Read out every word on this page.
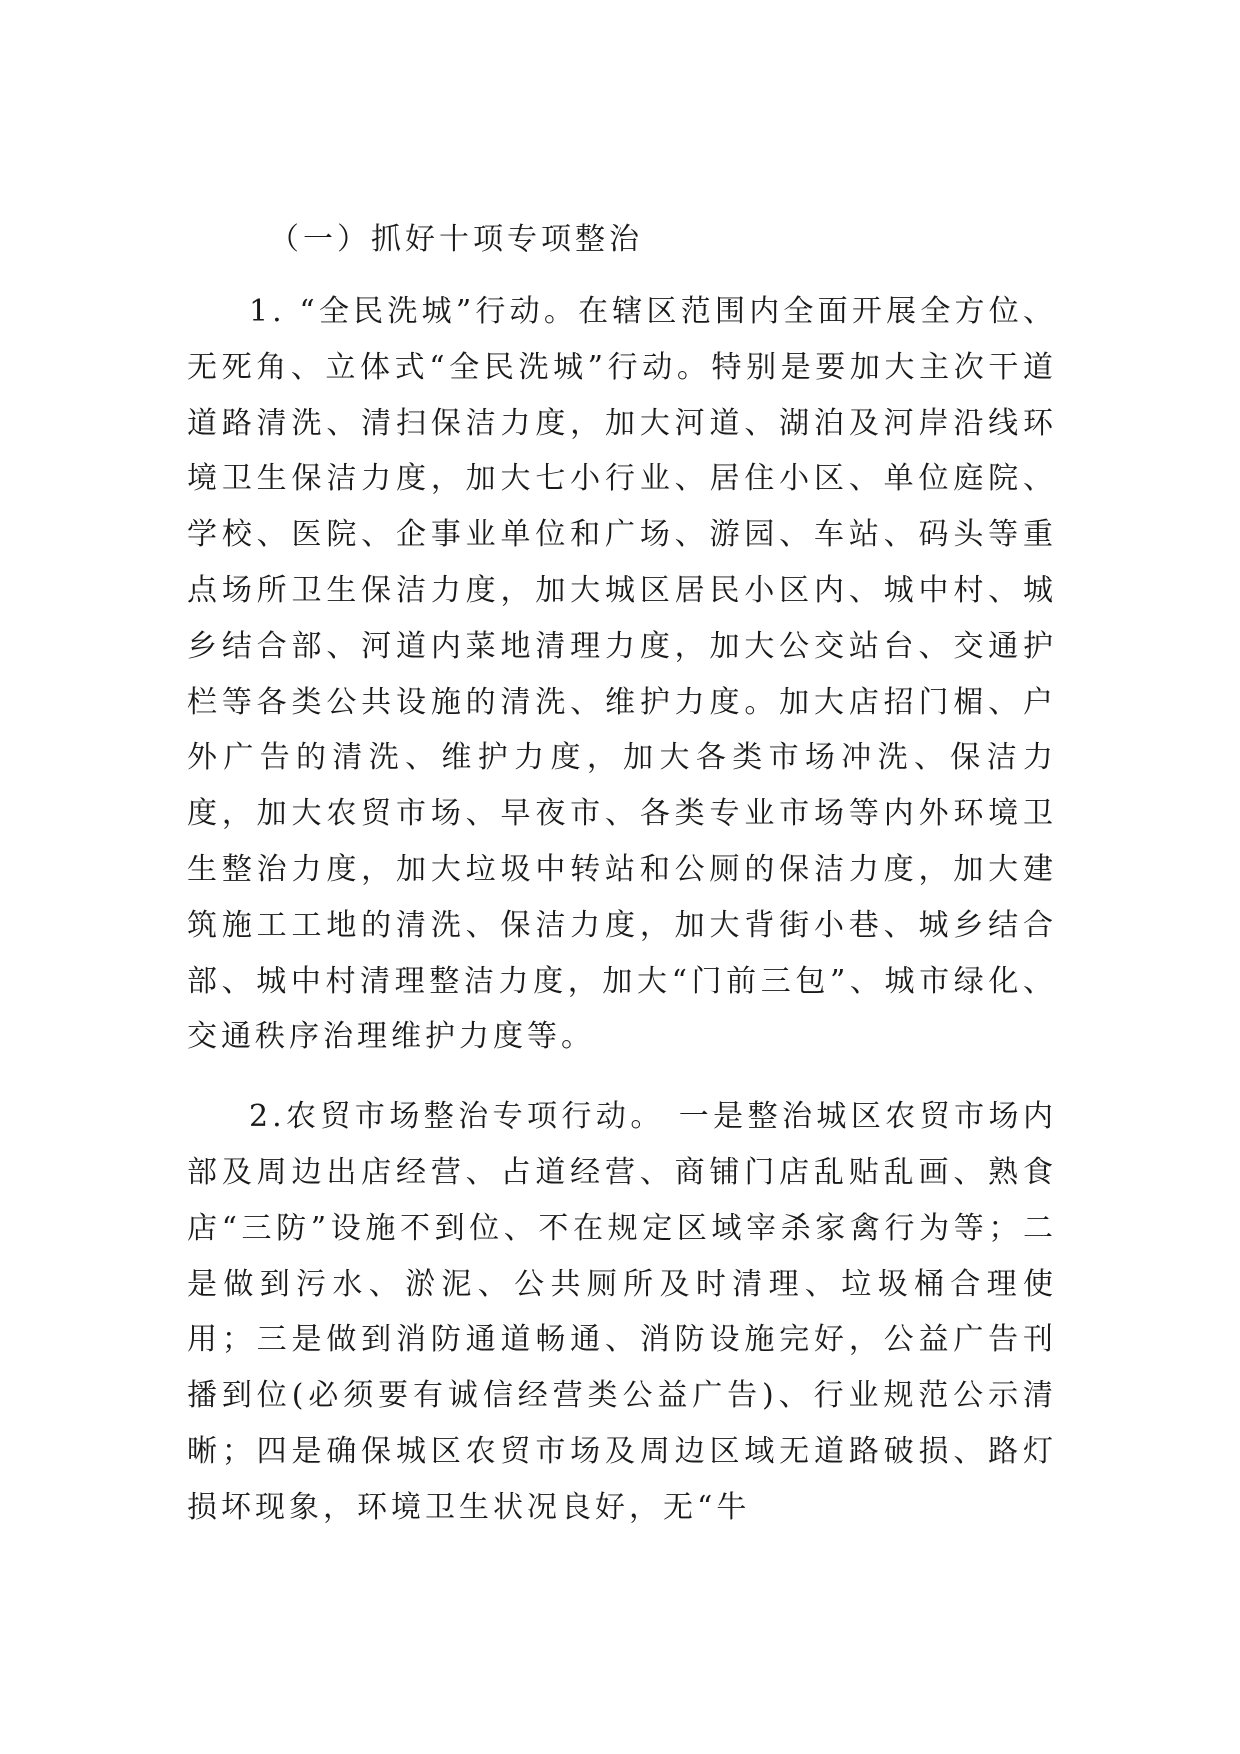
（一）抓好十项专项整治

1. “全民洗城”行动。在辖区范围内全面开展全方位、无死角、立体式“全民洗城”行动。特别是要加大主次干道道路清洗、清扫保洁力度，加大河道、湖泊及河岸沿线环境卫生保洁力度，加大七小行业、居住小区、单位庭院、学校、医院、企事业单位和广场、游园、车站、码头等重点场所卫生保洁力度，加大城区居民小区内、城中村、城乡结合部、河道内菜地清理力度，加大公交站台、交通护栏等各类公共设施的清洗、维护力度。加大店招门楣、户外广告的清洗、维护力度，加大各类市场冲洗、保洁力度，加大农贸市场、早夜市、各类专业市场等内外环境卫生整治力度，加大垃圾中转站和公厕的保洁力度，加大建筑施工工地的清洗、保洁力度，加大背街小巷、城乡结合部、城中村清理整洁力度，加大“门前三包”、城市绿化、交通秩序治理维护力度等。

2.农贸市场整治专项行动。 一是整治城区农贸市场内部及周边出店经营、占道经营、商铺门店乱贴乱画、熟食店“三防”设施不到位、不在规定区域宰杀家禽行为等；二是做到污水、淤泥、公共厕所及时清理、垃圾桶合理使用；三是做到消防通道畅通、消防设施完好，公益广告刊播到位(必须要有诚信经营类公益广告)、行业规范公示清晰；四是确保城区农贸市场及周边区域无道路破损、路灯损坏现象，环境卫生状况良好，无“牛
